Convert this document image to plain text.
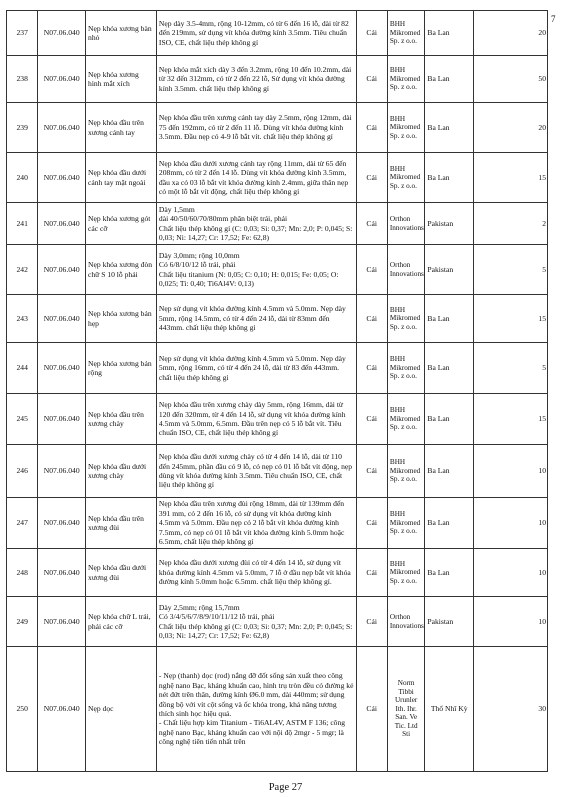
7
237	N07.06.040	Nẹp khóa xương bàn nhỏ	Nẹp dày 3.5-4mm, rộng 10-12mm, có từ 6 đến 16 lỗ, dài từ 82 đến 219mm, sử dụng vít khóa đường kính 3.5mm. Tiêu chuẩn ISO, CE, chất liệu thép không gỉ	Cái	BHH Mikromed Sp. z o.o.	Ba Lan	20
238	N07.06.040	Nẹp khóa xương hình mắt xích	Nẹp khóa mắt xích dày 3 đến 3.2mm, rộng 10 đến 10.2mm, dài từ 32 đến 312mm, có từ 2 đến 22 lỗ, Sử dụng vít khóa đường kính 3.5mm. chất liệu thép không gỉ	Cái	BHH Mikromed Sp. z o.o.	Ba Lan	50
239	N07.06.040	Nẹp khóa đầu trên xương cánh tay	Nẹp khóa đầu trên xương cánh tay dày 2.5mm, rộng 12mm, dài 75 đến 192mm, có từ 2 đến 11 lỗ. Dùng vít khóa đường kính 3.5mm. Đầu nẹp có 4-9 lỗ bắt vít. chất liệu thép không gỉ	Cái	BHH Mikromed Sp. z o.o.	Ba Lan	20
240	N07.06.040	Nẹp khóa đầu dưới cánh tay mặt ngoài	Nẹp khóa đầu dưới xương cánh tay rộng 11mm, dài từ 65 đến 208mm, có từ 2 đến 14 lỗ. Dùng vít khóa đường kính 3.5mm, đầu xa có 03 lỗ bắt vít khóa đường kính 2.4mm, giữa thân nẹp có một lỗ bắt vít động, chất liệu thép không gỉ	Cái	BHH Mikromed Sp. z o.o.	Ba Lan	15
241	N07.06.040	Nẹp khóa xương gót các cỡ	Dày 1,5mm
dài 40/50/60/70/80mm phân biệt trái, phải
Chất liệu thép không gỉ (C: 0,03; Si: 0,37; Mn: 2,0; P: 0,045; S: 0,03; Ni: 14,27; Cr: 17,52; Fe: 62,8)	Cái	Orthon Innovations	Pakistan	2
242	N07.06.040	Nẹp khóa xương đòn chữ S 10 lỗ phải	Dày 3,0mm; rộng 10,0mm
Có 6/8/10/12 lỗ trái, phải
Chất liệu titanium (N: 0,05; C: 0,10; H: 0,015; Fe: 0,05; O: 0,025; Ti: 0,40; Ti6Al4V: 0,13)	Cái	Orthon Innovations	Pakistan	5
243	N07.06.040	Nẹp khóa xương bản hẹp	Nẹp sử dụng vít khóa đường kính 4.5mm và 5.0mm. Nẹp dày 5mm, rộng 14.5mm, có từ 4 đến 24 lỗ, dài từ 83mm đến 443mm. chất liệu thép không gỉ	Cái	BHH Mikromed Sp. z o.o.	Ba Lan	15
244	N07.06.040	Nẹp khóa xương bản rộng	Nẹp sử dụng vít khóa đường kính 4.5mm và 5.0mm. Nẹp dày 5mm, rộng 16mm, có từ 4 đến 24 lỗ, dài từ 83 đến 443mm. chất liệu thép không gỉ	Cái	BHH Mikromed Sp. z o.o.	Ba Lan	5
245	N07.06.040	Nẹp khóa đầu trên xương chày	Nẹp khóa đầu trên xương chày dày 5mm, rộng 16mm, dài từ 120 đến 320mm, từ 4 đến 14 lỗ, sử dụng vít khóa đường kính 4.5mm và 5.0mm, 6.5mm. Đầu trên nẹp có 5 lỗ bắt vít. Tiêu chuẩn ISO, CE, chất liệu thép không gỉ	Cái	BHH Mikromed Sp. z o.o.	Ba Lan	15
246	N07.06.040	Nẹp khóa đầu dưới xương chày	Nẹp khóa đầu dưới xương chày có từ 4 đến 14 lỗ, dài từ 110 đến 245mm, phần đầu có 9 lỗ, có nẹp có 01 lỗ bắt vít động, nẹp dùng vít khóa đường kính 3.5mm. Tiêu chuẩn ISO, CE, chất liệu thép không gỉ	Cái	BHH Mikromed Sp. z o.o.	Ba Lan	10
247	N07.06.040	Nẹp khóa đầu trên xương đùi	Nẹp khóa đầu trên xương đùi rộng 18mm, dài từ 139mm đến 391 mm, có 2 đến 16 lỗ, có sử dụng vít khóa đường kính 4.5mm và 5.0mm. Đầu nẹp có 2 lỗ bắt vít khóa đường kính 7.5mm, có nẹp có 01 lỗ bắt vít khóa đường kính 5.0mm hoặc 6.5mm, chất liệu thép không gỉ	Cái	BHH Mikromed Sp. z o.o.	Ba Lan	10
248	N07.06.040	Nẹp khóa đầu dưới xương đùi	Nẹp khóa đầu dưới xương đùi có từ 4 đến 14 lỗ, sử dụng vít khóa đường kính 4.5mm và 5.0mm, 7 lỗ ở đầu nẹp bắt vít khóa đường kính 5.0mm hoặc 6.5mm. chất liệu thép không gỉ.	Cái	BHH Mikromed Sp. z o.o.	Ba Lan	10
249	N07.06.040	Nẹp khóa chữ L trái, phải các cỡ	Dày 2,5mm; rộng 15,7mm
Có 3/4/5/6/7/8/9/10/11/12 lỗ trái, phải
Chất liệu thép không gỉ (C: 0,03; Si: 0,37; Mn: 2,0; P: 0,045; S: 0,03; Ni: 14,27; Cr: 17,52; Fe: 62,8)	Cái	Orthon Innovations	Pakistan	10
250	N07.06.040	Nẹp dọc	- Nẹp (thanh) dọc (rod) nắng đỡ đốt sống sản xuất theo công nghệ nano Bạc, kháng khuẩn cao, hình trụ tròn đều có đường kẻ nét đứt trên thân, đường kính Ø6.0 mm, dài 440mm; sử dụng đồng bộ với vít cột sống và ốc khóa trong, khả năng tương thích sinh học hiệu quả.
- Chất liệu hợp kim Titanium - Ti6AL4V, ASTM F 136; công nghệ nano Bạc, kháng khuẩn cao với nội độ 2mgr - 5 mgr; là công nghệ tiên tiến nhất trên	Cái	Norm Tibbi Urunler Ith. Ihr. San. Ve Tic. Ltd Sti	Thổ Nhĩ Kỳ	30
Page 27
